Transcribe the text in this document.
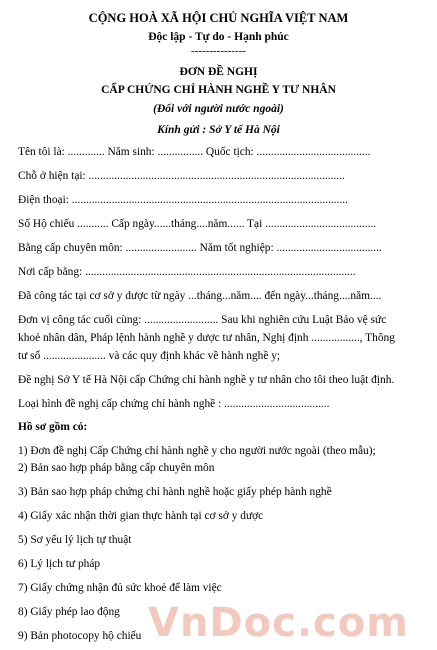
CỘNG HOÀ XÃ HỘI CHỦ NGHĨA VIỆT NAM
Độc lập - Tự do - Hạnh phúc
---------------
ĐƠN ĐỀ NGHỊ
CẤP CHỨNG CHỈ HÀNH NGHỀ Y TƯ NHÂN
(Đối với người nước ngoài)
Kính gửi : Sở Y tế Hà Nội
Tên tôi là: ............. Năm sinh: ................ Quốc tịch: ........................................
Chỗ ở hiện tại: ..........................................................................................
Điện thoại: .................................................................................................
Số Hộ chiếu ........... Cấp ngày......tháng....năm...... Tại .......................................
Bằng cấp chuyên môn: ......................... Năm tốt nghiệp: .....................................
Nơi cấp bằng: ...............................................................................................
Đã công tác tại cơ sở y dược từ ngày ...tháng...năm.... đến ngày...tháng....năm....
Đơn vị công tác cuối cùng: .......................... Sau khi nghiên cứu Luật Bảo vệ sức
khoẻ nhân dân, Pháp lệnh hành nghề y dược tư nhân, Nghị định ................., Thông
tư số ...................... và các quy định khác về hành nghề y;
Đề nghị Sở Y tế Hà Nội cấp Chứng chỉ hành nghề y tư nhân cho tôi theo luật định.
Loại hình đề nghị cấp chứng chỉ hành nghề : .....................................
Hồ sơ gồm có:
1) Đơn đề nghị Cấp Chứng chỉ hành nghề y cho người nước ngoài (theo mẫu);
2) Bản sao hợp pháp bằng cấp chuyên môn
3) Bản sao hợp pháp chứng chỉ hành nghề hoặc giấy phép hành nghề
4) Giấy xác nhận thời gian thực hành tại cơ sở y dược
5) Sơ yếu lý lịch tự thuật
6) Lý lịch tư pháp
7) Giấy chứng nhận đủ sức khoẻ để làm việc
8) Giấy phép lao động
9) Bản photocopy hộ chiếu VnDoc.com
